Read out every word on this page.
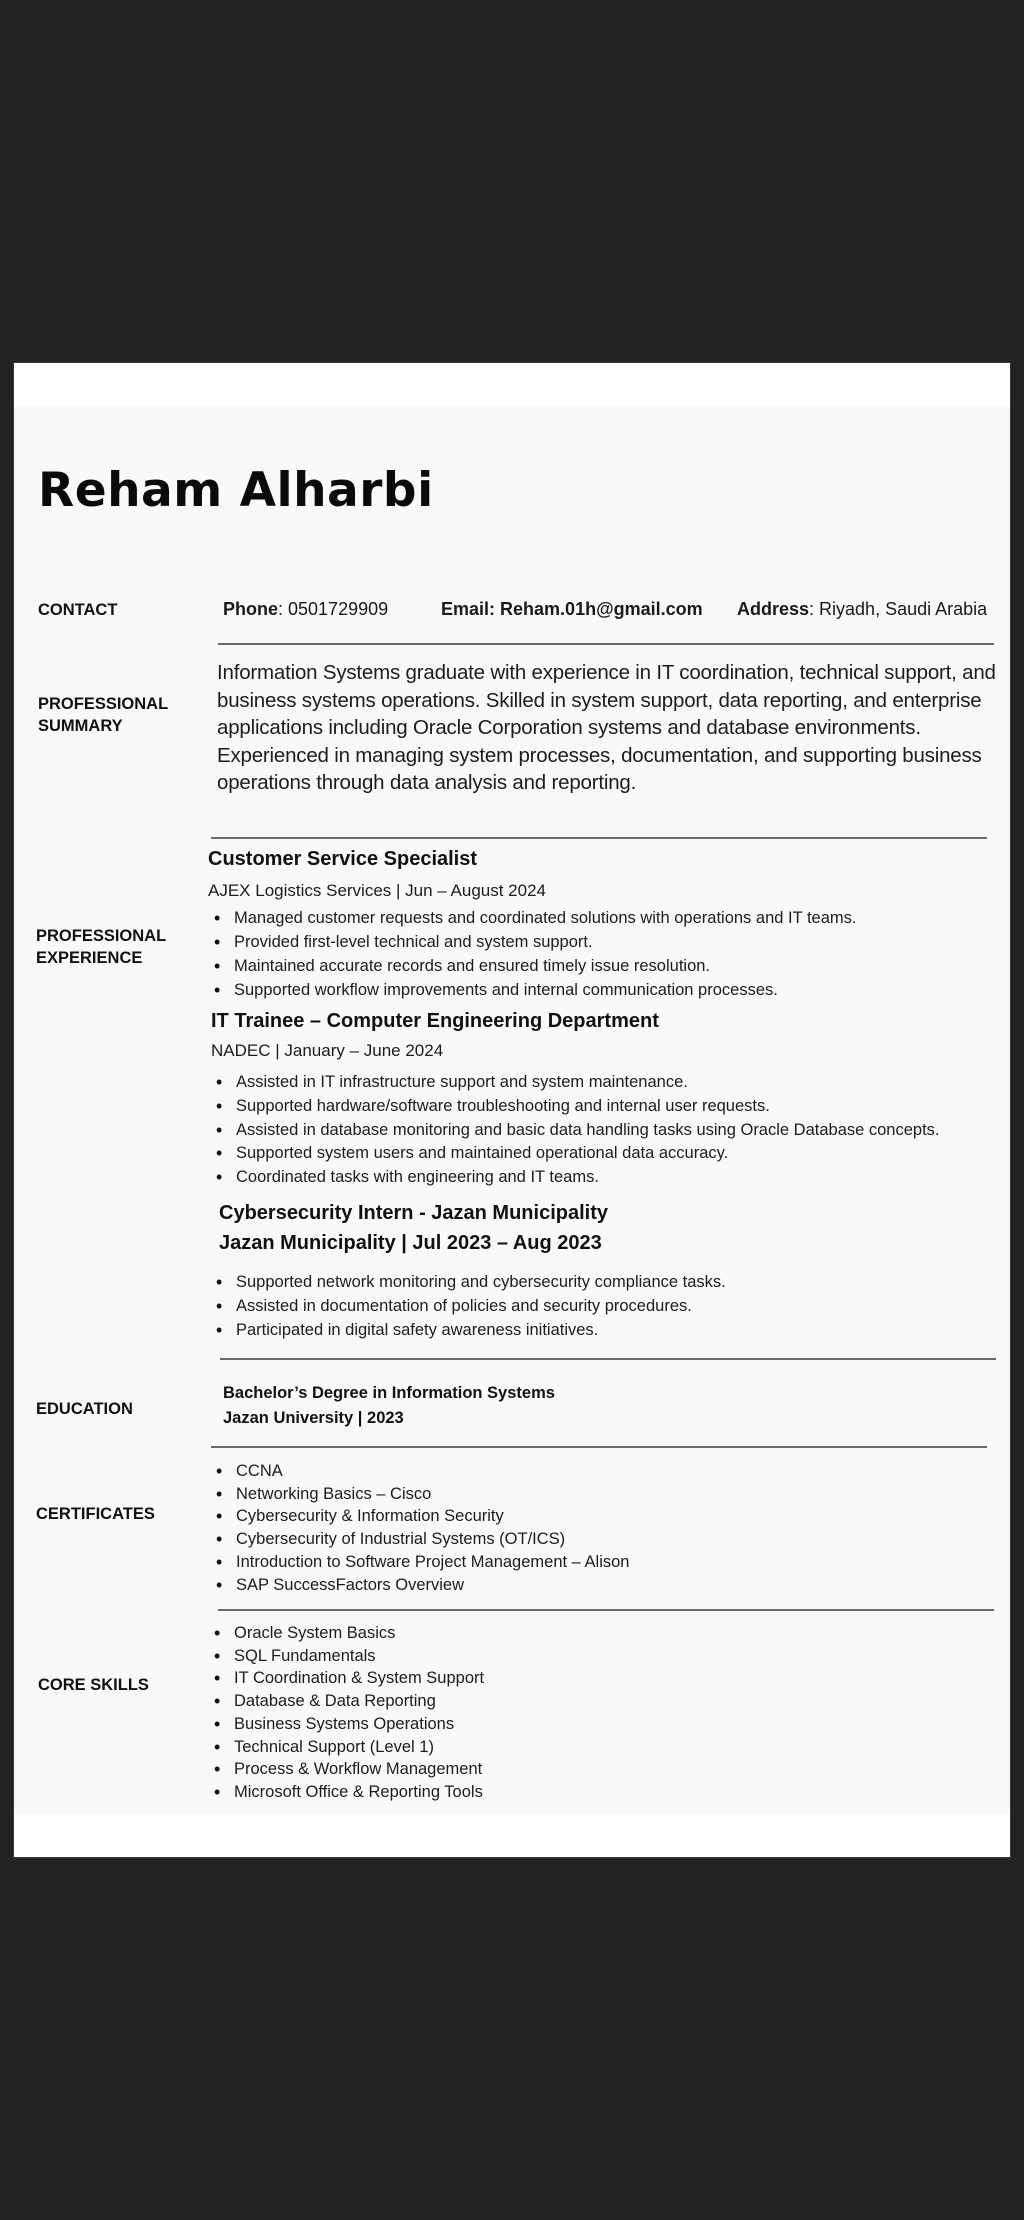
Reham Alharbi
CONTACT	Phone: 0501729909	Email: Reham.01h@gmail.com Address: Riyadh, Saudi Arabia
PROFESSIONAL
SUMMARY
Information Systems graduate with experience in IT coordination, technical support, and business systems operations. Skilled in system support, data reporting, and enterprise applications including Oracle Corporation systems and database environments. Experienced in managing system processes, documentation, and supporting business operations through data analysis and reporting.
PROFESSIONAL
EXPERIENCE
Customer Service Specialist
AJEX Logistics Services | Jun – August 2024
• Managed customer requests and coordinated solutions with operations and IT teams.
• Provided first-level technical and system support.
• Maintained accurate records and ensured timely issue resolution.
• Supported workflow improvements and internal communication processes.
IT Trainee – Computer Engineering Department
NADEC | January – June 2024
• Assisted in IT infrastructure support and system maintenance.
• Supported hardware/software troubleshooting and internal user requests.
• Assisted in database monitoring and basic data handling tasks using Oracle Database concepts.
• Supported system users and maintained operational data accuracy.
• Coordinated tasks with engineering and IT teams.
Cybersecurity Intern - Jazan Municipality
Jazan Municipality | Jul 2023 – Aug 2023
• Supported network monitoring and cybersecurity compliance tasks.
• Assisted in documentation of policies and security procedures.
• Participated in digital safety awareness initiatives.
EDUCATION
Bachelor’s Degree in Information Systems
Jazan University | 2023
CERTIFICATES
• CCNA
• Networking Basics – Cisco
• Cybersecurity & Information Security
• Cybersecurity of Industrial Systems (OT/ICS)
• Introduction to Software Project Management – Alison
• SAP SuccessFactors Overview
CORE SKILLS
• Oracle System Basics
• SQL Fundamentals
• IT Coordination & System Support
• Database & Data Reporting
• Business Systems Operations
• Technical Support (Level 1)
• Process & Workflow Management
• Microsoft Office & Reporting Tools
